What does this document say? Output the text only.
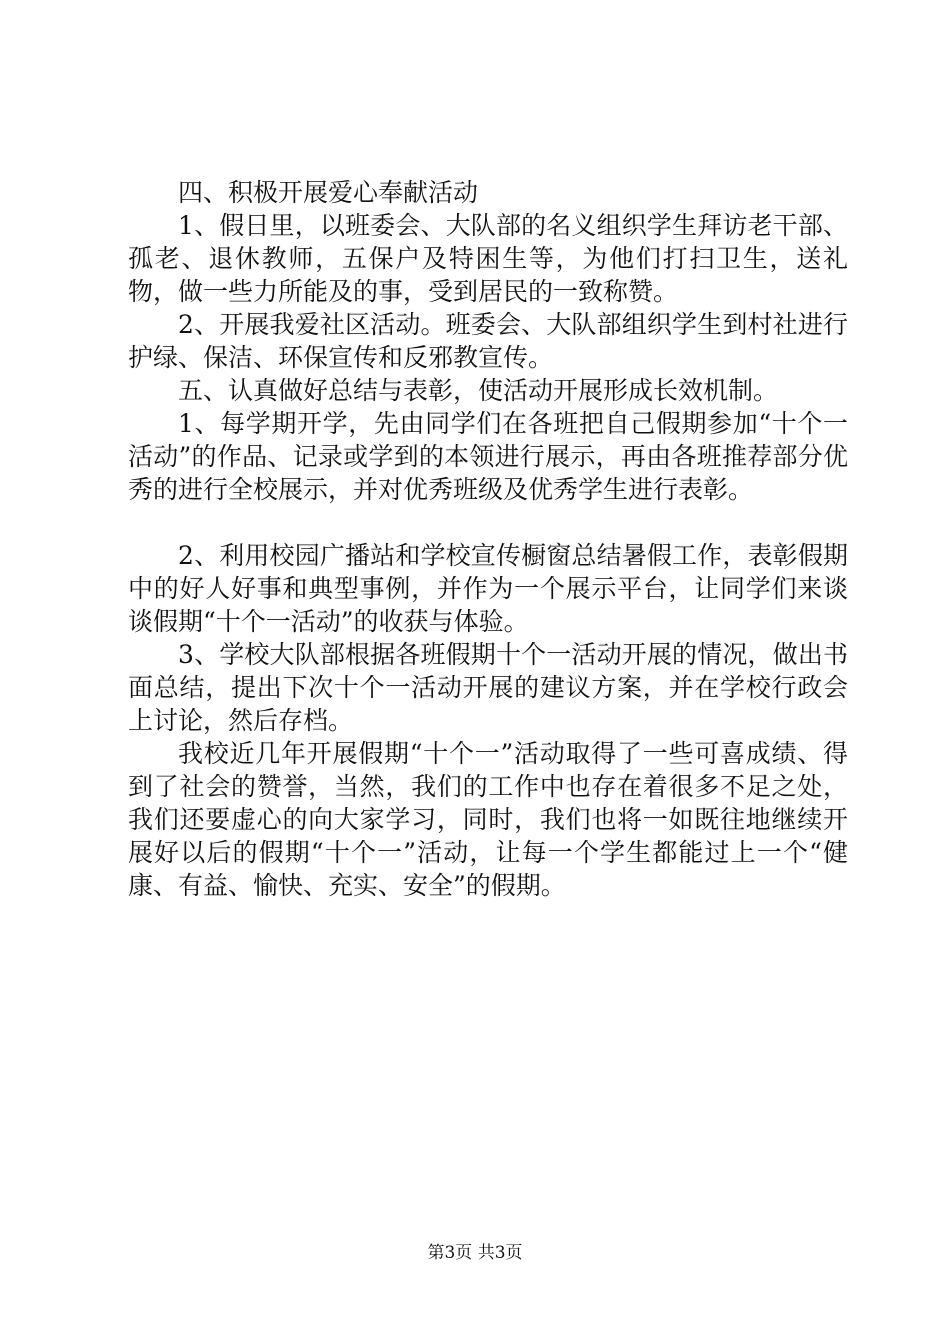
四、积极开展爱心奉献活动

1、假日里，以班委会、大队部的名义组织学生拜访老干部、孤老、退休教师，五保户及特困生等，为他们打扫卫生，送礼物，做一些力所能及的事，受到居民的一致称赞。

2、开展我爱社区活动。班委会、大队部组织学生到村社进行护绿、保洁、环保宣传和反邪教宣传。

五、认真做好总结与表彰，使活动开展形成长效机制。

1、每学期开学，先由同学们在各班把自己假期参加“十个一活动”的作品、记录或学到的本领进行展示，再由各班推荐部分优秀的进行全校展示，并对优秀班级及优秀学生进行表彰。

2、利用校园广播站和学校宣传橱窗总结暑假工作，表彰假期中的好人好事和典型事例，并作为一个展示平台，让同学们来谈谈假期“十个一活动”的收获与体验。

3、学校大队部根据各班假期十个一活动开展的情况，做出书面总结，提出下次十个一活动开展的建议方案，并在学校行政会上讨论，然后存档。

我校近几年开展假期“十个一”活动取得了一些可喜成绩、得到了社会的赞誉，当然，我们的工作中也存在着很多不足之处，我们还要虚心的向大家学习，同时，我们也将一如既往地继续开展好以后的假期“十个一”活动，让每一个学生都能过上一个“健康、有益、愉快、充实、安全”的假期。

第3页 共3页
